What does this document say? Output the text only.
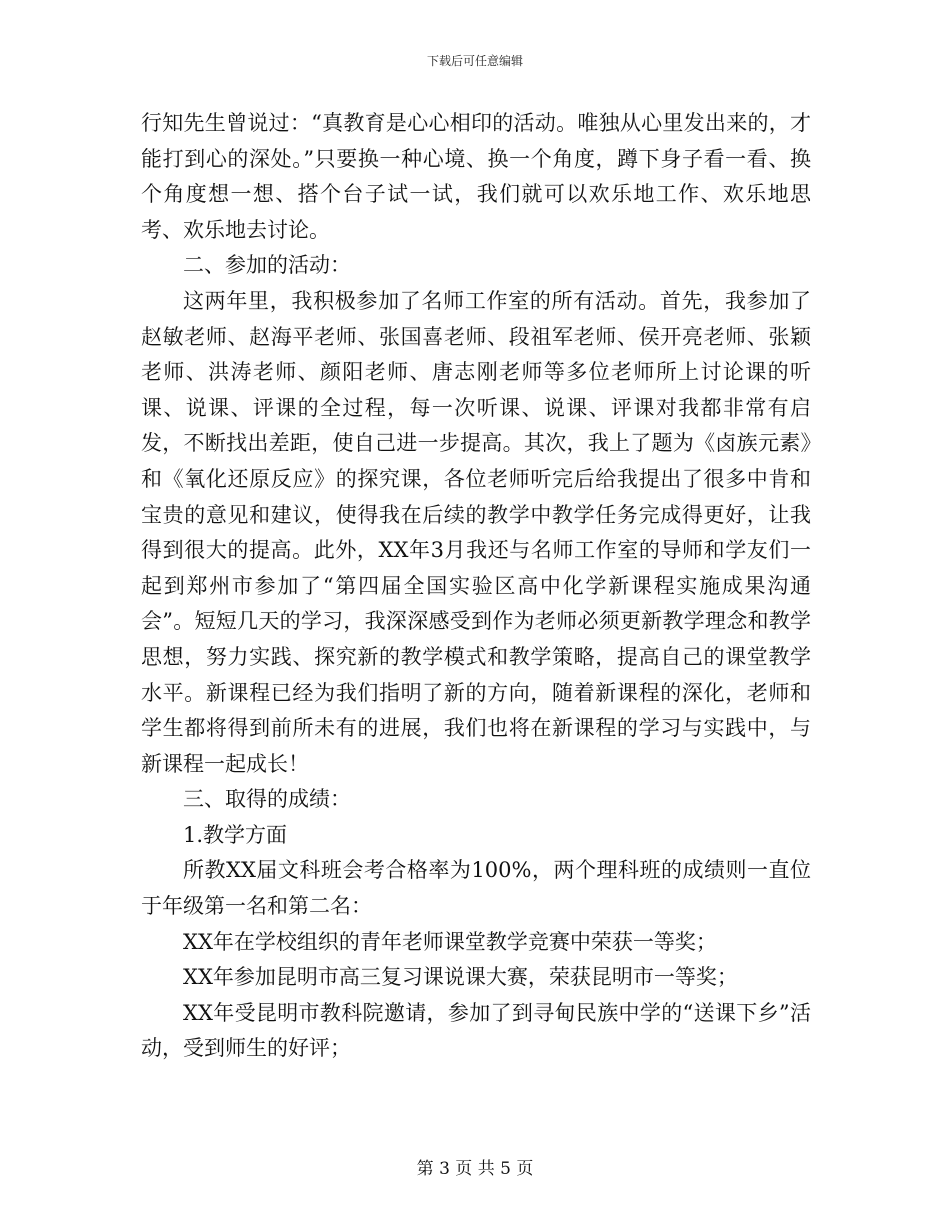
下载后可任意编辑

行知先生曾说过：“真教育是心心相印的活动。唯独从心里发出来的，才能打到心的深处。”只要换一种心境、换一个角度，蹲下身子看一看、换个角度想一想、搭个台子试一试，我们就可以欢乐地工作、欢乐地思考、欢乐地去讨论。

二、参加的活动：

这两年里，我积极参加了名师工作室的所有活动。首先，我参加了赵敏老师、赵海平老师、张国喜老师、段祖军老师、侯开亮老师、张颖老师、洪涛老师、颜阳老师、唐志刚老师等多位老师所上讨论课的听课、说课、评课的全过程，每一次听课、说课、评课对我都非常有启发，不断找出差距，使自己进一步提高。其次，我上了题为《卤族元素》和《氧化还原反应》的探究课，各位老师听完后给我提出了很多中肯和宝贵的意见和建议，使得我在后续的教学中教学任务完成得更好，让我得到很大的提高。此外，XX年3月我还与名师工作室的导师和学友们一起到郑州市参加了“第四届全国实验区高中化学新课程实施成果沟通会”。短短几天的学习，我深深感受到作为老师必须更新教学理念和教学思想，努力实践、探究新的教学模式和教学策略，提高自己的课堂教学水平。新课程已经为我们指明了新的方向，随着新课程的深化，老师和学生都将得到前所未有的进展，我们也将在新课程的学习与实践中，与新课程一起成长！

三、取得的成绩：

1.教学方面

所教XX届文科班会考合格率为100%，两个理科班的成绩则一直位于年级第一名和第二名：

XX年在学校组织的青年老师课堂教学竞赛中荣获一等奖；

XX年参加昆明市高三复习课说课大赛，荣获昆明市一等奖；

XX年受昆明市教科院邀请，参加了到寻甸民族中学的“送课下乡”活动，受到师生的好评；

第 3 页 共 5 页
